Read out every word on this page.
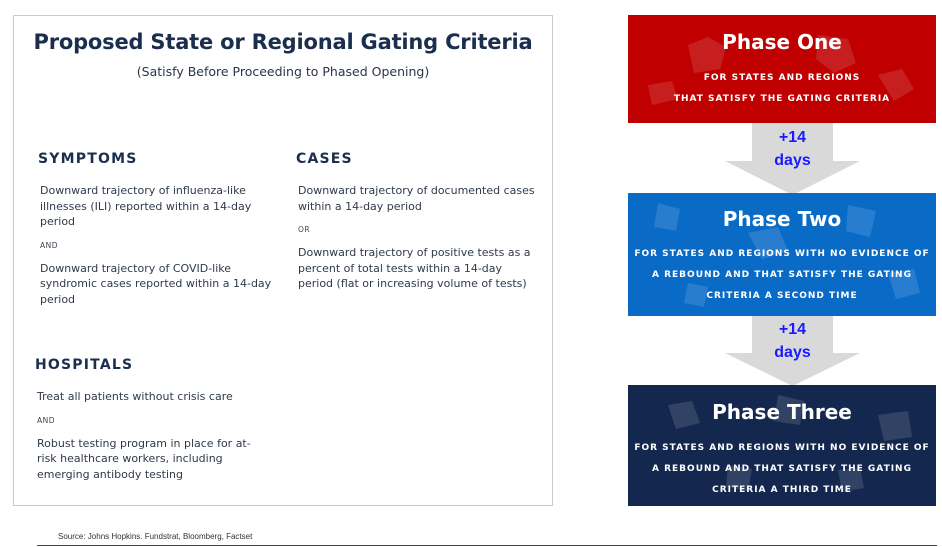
Proposed State or Regional Gating Criteria
(Satisfy Before Proceeding to Phased Opening)
SYMPTOMS
Downward trajectory of influenza-like illnesses (ILI) reported within a 14-day period
AND
Downward trajectory of COVID-like syndromic cases reported within a 14-day period
CASES
Downward trajectory of documented cases within a 14-day period
OR
Downward trajectory of positive tests as a percent of total tests within a 14-day period (flat or increasing volume of tests)
HOSPITALS
Treat all patients without crisis care
AND
Robust testing program in place for at-risk healthcare workers, including emerging antibody testing
+14
days
+14
days
Phase One
FOR STATES AND REGIONS
THAT SATISFY THE GATING CRITERIA
Phase Two
FOR STATES AND REGIONS WITH NO EVIDENCE OF
A REBOUND AND THAT SATISFY THE GATING
CRITERIA A SECOND TIME
Phase Three
FOR STATES AND REGIONS WITH NO EVIDENCE OF
A REBOUND AND THAT SATISFY THE GATING
CRITERIA A THIRD TIME
Source: Johns Hopkins. Fundstrat, Bloomberg, Factset
